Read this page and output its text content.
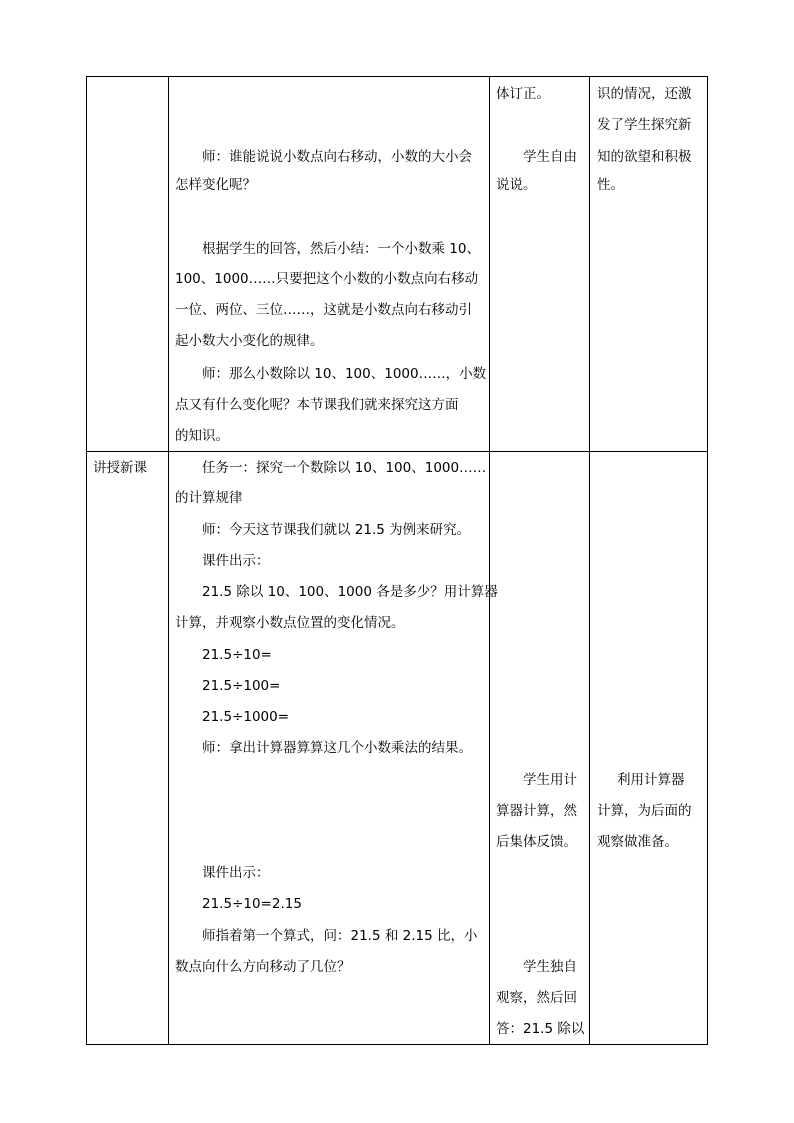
讲授新课
师：谁能说说小数点向右移动，小数的大小会
怎样变化呢？
根据学生的回答，然后小结：一个小数乘 10、
100、1000……只要把这个小数的小数点向右移动
一位、两位、三位……，这就是小数点向右移动引
起小数大小变化的规律。
师：那么小数除以 10、100、1000……，小数
点又有什么变化呢？本节课我们就来探究这方面
的知识。
任务一：探究一个数除以 10、100、1000……
的计算规律
师：今天这节课我们就以 21.5 为例来研究。
课件出示：
21.5 除以 10、100、1000 各是多少？用计算器
计算，并观察小数点位置的变化情况。
21.5÷10=
21.5÷100=
21.5÷1000=
师：拿出计算器算算这几个小数乘法的结果。
课件出示：
21.5÷10=2.15
师指着第一个算式，问：21.5 和 2.15 比，小
数点向什么方向移动了几位？
体订正。
学生自由
说说。
学生用计
算器计算，然
后集体反馈。
学生独自
观察，然后回
答：21.5 除以
识的情况，还激
发了学生探究新
知的欲望和积极
性。
利用计算器
计算，为后面的
观察做准备。
